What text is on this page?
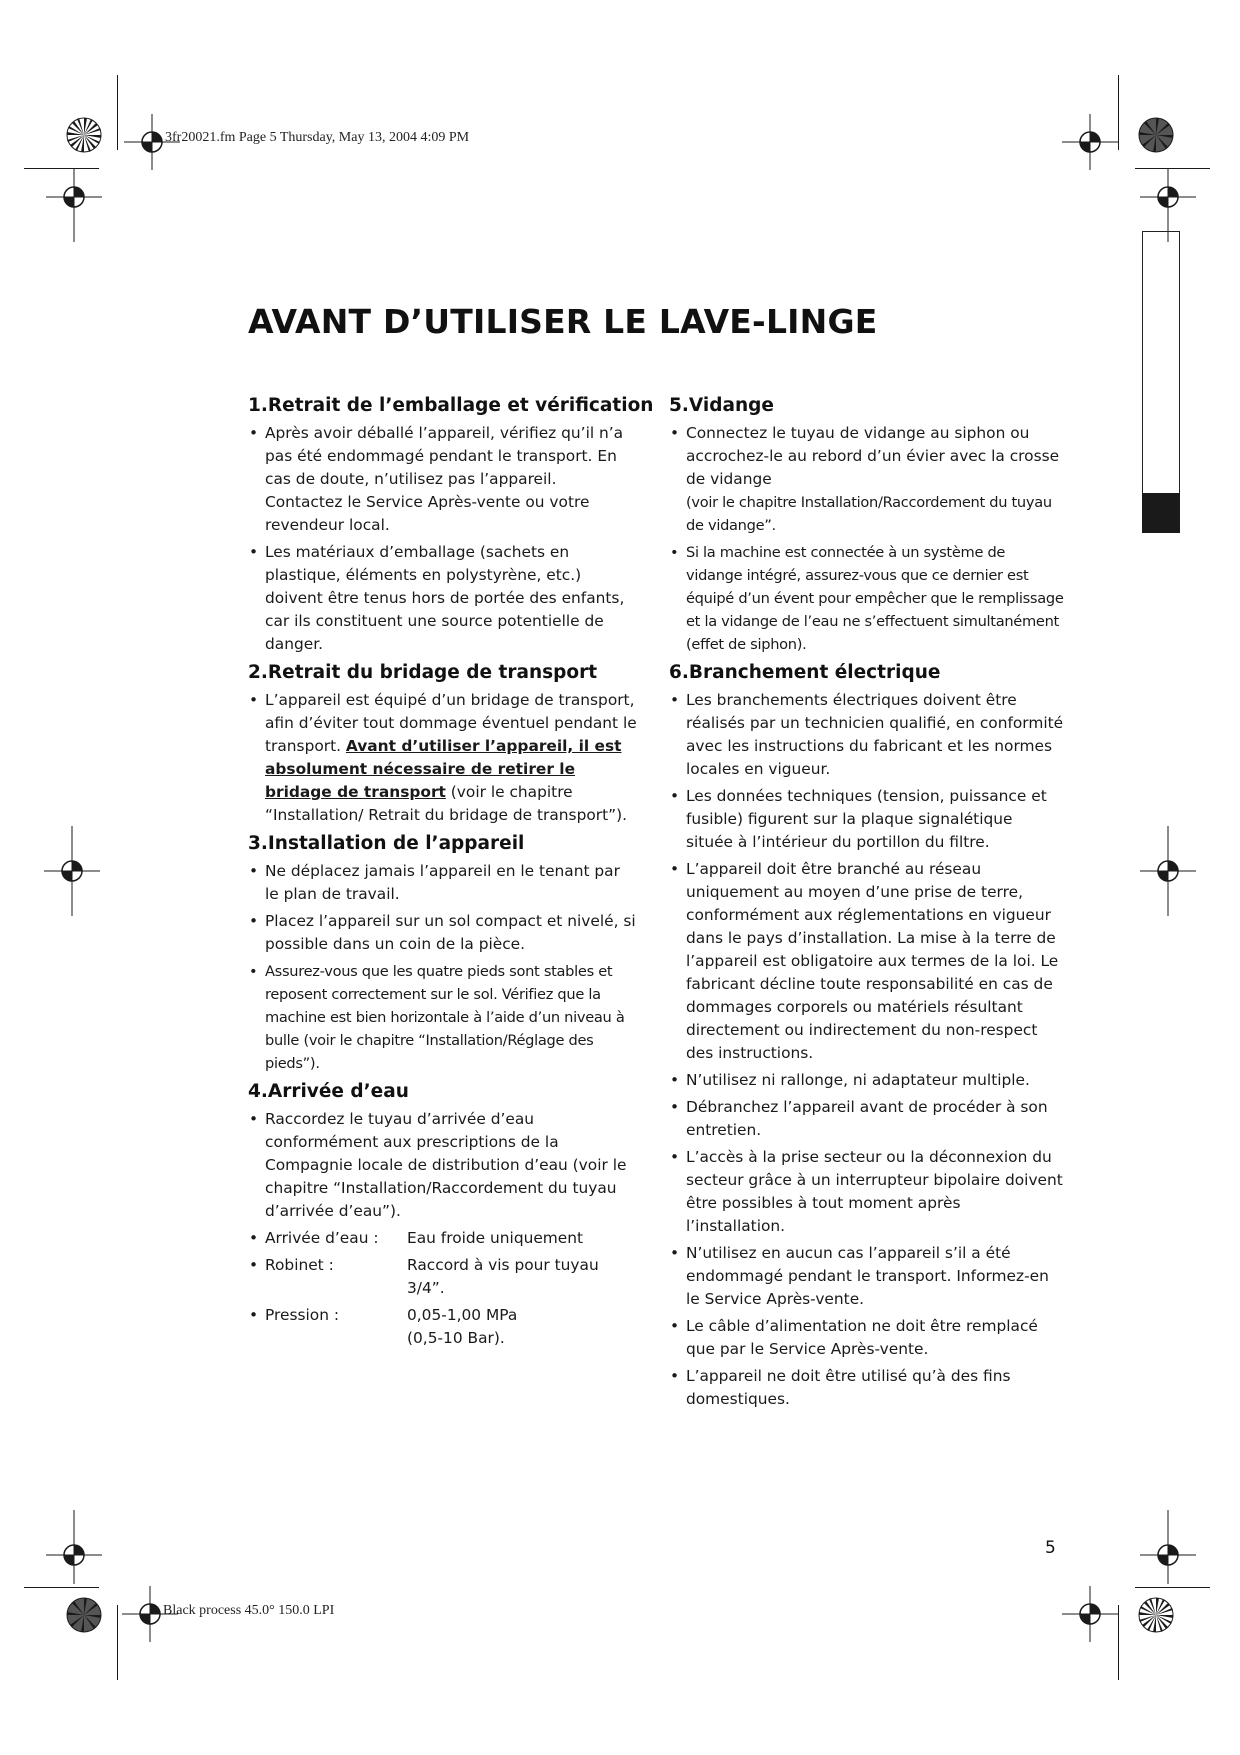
3fr20021.fm Page 5 Thursday, May 13, 2004 4:09 PM
Black process 45.0° 150.0 LPI
AVANT D’UTILISER LE LAVE-LINGE
1.Retrait de l’emballage et vérification
• Après avoir déballé l’appareil, vérifiez qu’il n’a pas été endommagé pendant le transport. En cas de doute, n’utilisez pas l’appareil. Contactez le Service Après-vente ou votre revendeur local.
• Les matériaux d’emballage (sachets en plastique, éléments en polystyrène, etc.) doivent être tenus hors de portée des enfants, car ils constituent une source potentielle de danger.
2.Retrait du bridage de transport
• L’appareil est équipé d’un bridage de transport, afin d’éviter tout dommage éventuel pendant le transport. Avant d’utiliser l’appareil, il est absolument nécessaire de retirer le bridage de transport (voir le chapitre “Installation/ Retrait du bridage de transport”).
3.Installation de l’appareil
• Ne déplacez jamais l’appareil en le tenant par le plan de travail.
• Placez l’appareil sur un sol compact et nivelé, si possible dans un coin de la pièce.
• Assurez-vous que les quatre pieds sont stables et reposent correctement sur le sol. Vérifiez que la machine est bien horizontale à l’aide d’un niveau à bulle (voir le chapitre “Installation/Réglage des pieds”).
4.Arrivée d’eau
• Raccordez le tuyau d’arrivée d’eau conformément aux prescriptions de la Compagnie locale de distribution d’eau (voir le chapitre “Installation/Raccordement du tuyau d’arrivée d’eau”).
• Arrivée d’eau :	Eau froide uniquement
• Robinet :	Raccord à vis pour tuyau 3/4”.
• Pression :	0,05-1,00 MPa
(0,5-10 Bar).
5.Vidange
• Connectez le tuyau de vidange au siphon ou accrochez-le au rebord d’un évier avec la crosse de vidange
(voir le chapitre Installation/Raccordement du tuyau de vidange”.
• Si la machine est connectée à un système de vidange intégré, assurez-vous que ce dernier est équipé d’un évent pour empêcher que le remplissage et la vidange de l’eau ne s’effectuent simultanément (effet de siphon).
6.Branchement électrique
• Les branchements électriques doivent être réalisés par un technicien qualifié, en conformité avec les instructions du fabricant et les normes locales en vigueur.
• Les données techniques (tension, puissance et fusible) figurent sur la plaque signalétique située à l’intérieur du portillon du filtre.
• L’appareil doit être branché au réseau uniquement au moyen d’une prise de terre, conformément aux réglementations en vigueur dans le pays d’installation. La mise à la terre de l’appareil est obligatoire aux termes de la loi. Le fabricant décline toute responsabilité en cas de dommages corporels ou matériels résultant directement ou indirectement du non-respect des instructions.
• N’utilisez ni rallonge, ni adaptateur multiple.
• Débranchez l’appareil avant de procéder à son entretien.
• L’accès à la prise secteur ou la déconnexion du secteur grâce à un interrupteur bipolaire doivent être possibles à tout moment après l’installation.
• N’utilisez en aucun cas l’appareil s’il a été endommagé pendant le transport. Informez-en le Service Après-vente.
• Le câble d’alimentation ne doit être remplacé que par le Service Après-vente.
• L’appareil ne doit être utilisé qu’à des fins domestiques.
5
